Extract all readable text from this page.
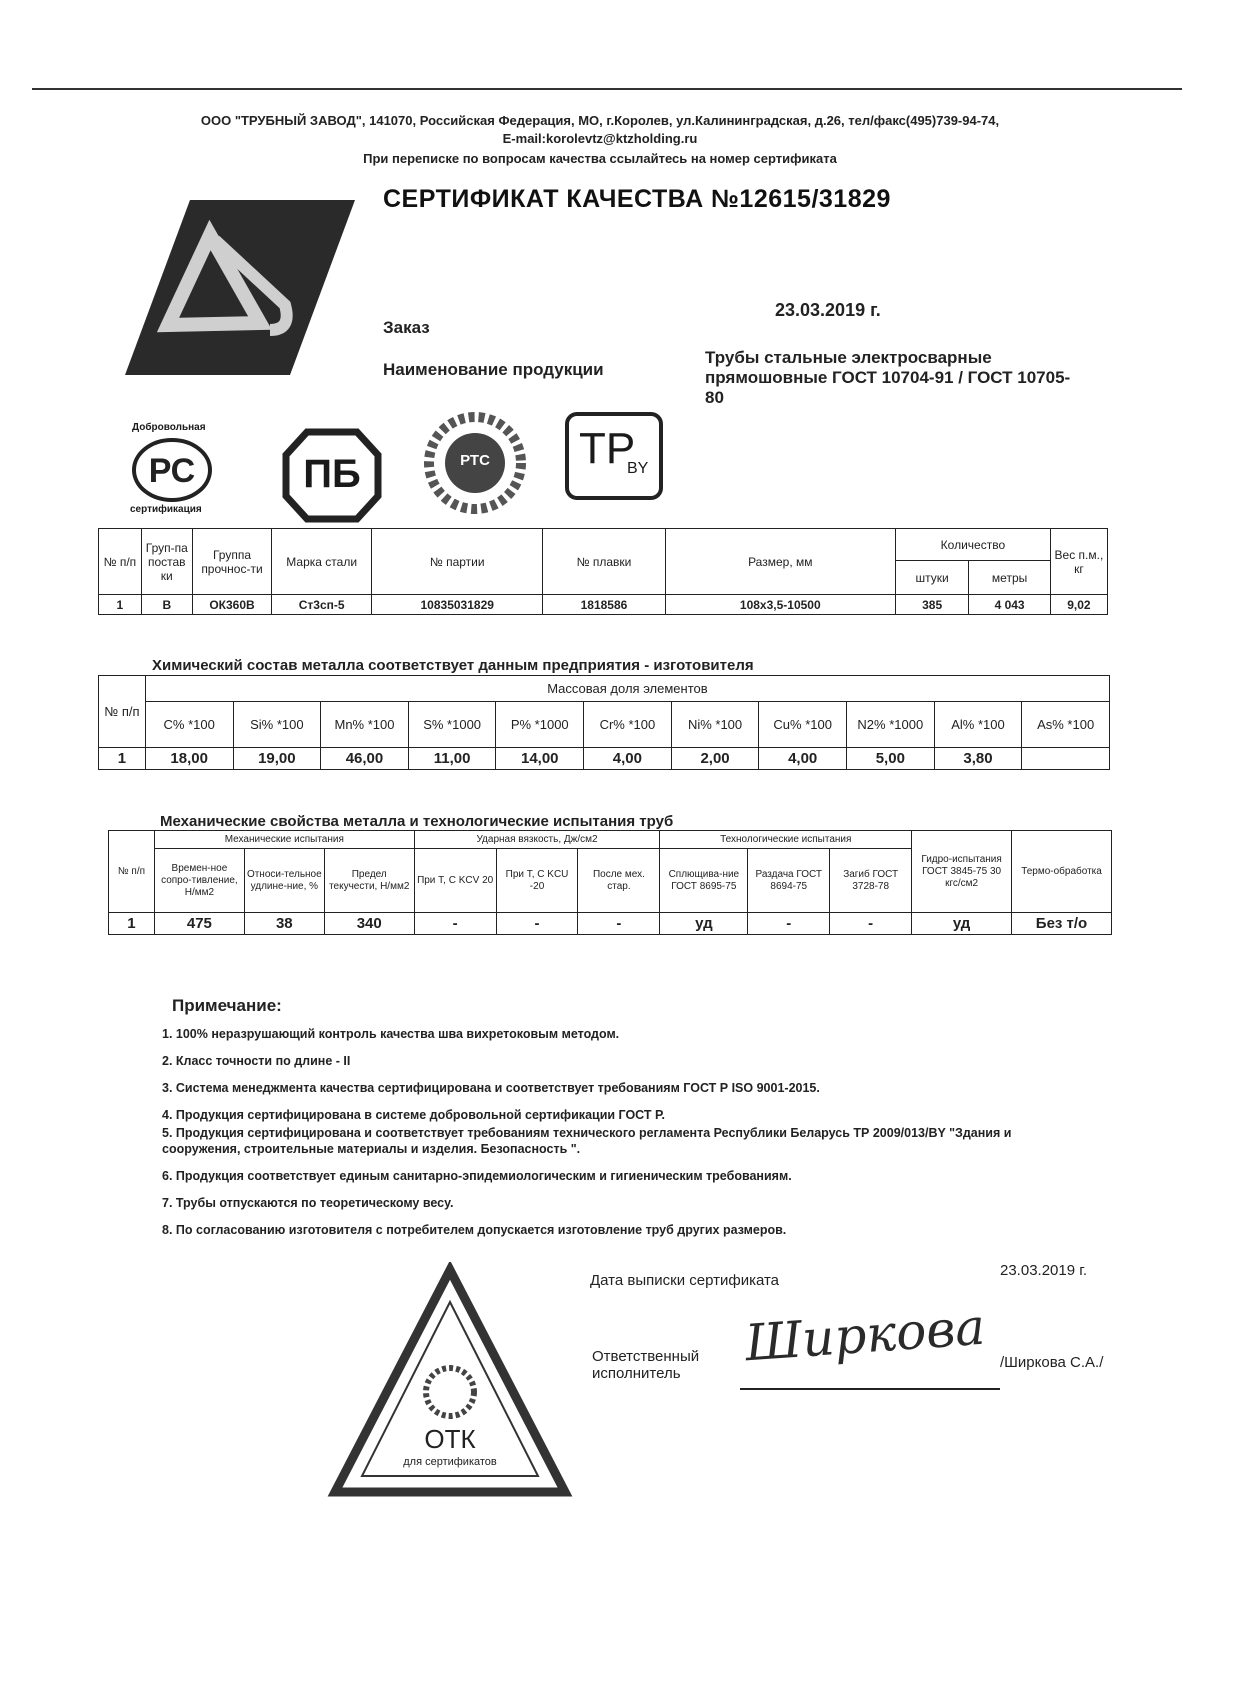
ООО "ТРУБНЫЙ ЗАВОД", 141070, Российская Федерация, МО, г.Королев, ул.Калининградская, д.26, тел/факс(495)739-94-74,
E-mail:korolevtz@ktzholding.ru
При переписке по вопросам качества ссылайтесь на номер сертификата
СЕРТИФИКАТ КАЧЕСТВА №12615/31829
Заказ
23.03.2019 г.
Наименование продукции
Трубы стальные электросварные прямошовные ГОСТ 10704-91 / ГОСТ 10705-80
РС
Добровольная
сертификация
ПБ	РТС	TP
BY
№ п/п	Груп-па постав ки	Группа прочнос-ти	Марка стали	№ партии	№ плавки	Размер, мм	Количество		Вес п.м., кг
							штуки	метры	
1	В	ОК360В	Ст3сп-5	10835031829	1818586	108x3,5-10500	385	4 043	9,02
Химический состав металла соответствует данным предприятия - изготовителя
№ п/п	Массовая доля элементов										
	C% *100	Si% *100	Mn% *100	S% *1000	P% *1000	Cr% *100	Ni% *100	Cu% *100	N2% *1000	Al% *100	As% *100
1	18,00	19,00	46,00	11,00	14,00	4,00	2,00	4,00	5,00	3,80	
Механические свойства металла и технологические испытания труб
№ п/п	Механические испытания			Ударная вязкость, Дж/см2			Технологические испытания			Гидро-испытания ГОСТ 3845-75 30 кгс/см2	Термо-обработка
	Времен-ное сопро-тивление, Н/мм2	Относи-тельное удлине-ние, %	Предел текучести, Н/мм2	При Т, С KCV 20	При Т, С KCU -20	После мех. стар.	Сплющива-ние ГОСТ 8695-75	Раздача ГОСТ 8694-75	Загиб ГОСТ 3728-78		
1	475	38	340	-	-	-	уд	-	-	уд	Без т/о
Примечание:
1. 100% неразрушающий контроль качества шва вихретоковым методом.
2. Класс точности по длине - II
3. Система менеджмента качества сертифицирована и соответствует требованиям ГОСТ Р ISO 9001-2015.
4. Продукция сертифицирована в системе добровольной сертификации ГОСТ Р.
5. Продукция сертифицирована и соответствует требованиям технического регламента Республики Беларусь ТР 2009/013/BY "Здания и сооружения, строительные материалы и изделия. Безопасность ".
6. Продукция соответствует единым санитарно-эпидемиологическим и гигиеническим требованиям.
7. Трубы отпускаются по теоретическому весу.
8. По согласованию изготовителя с потребителем допускается изготовление труб других размеров.
Дата выписки сертификата
23.03.2019 г.
Ответственный
исполнитель
Ширкова /Ширкова С.А./
ОТК
для сертификатов
